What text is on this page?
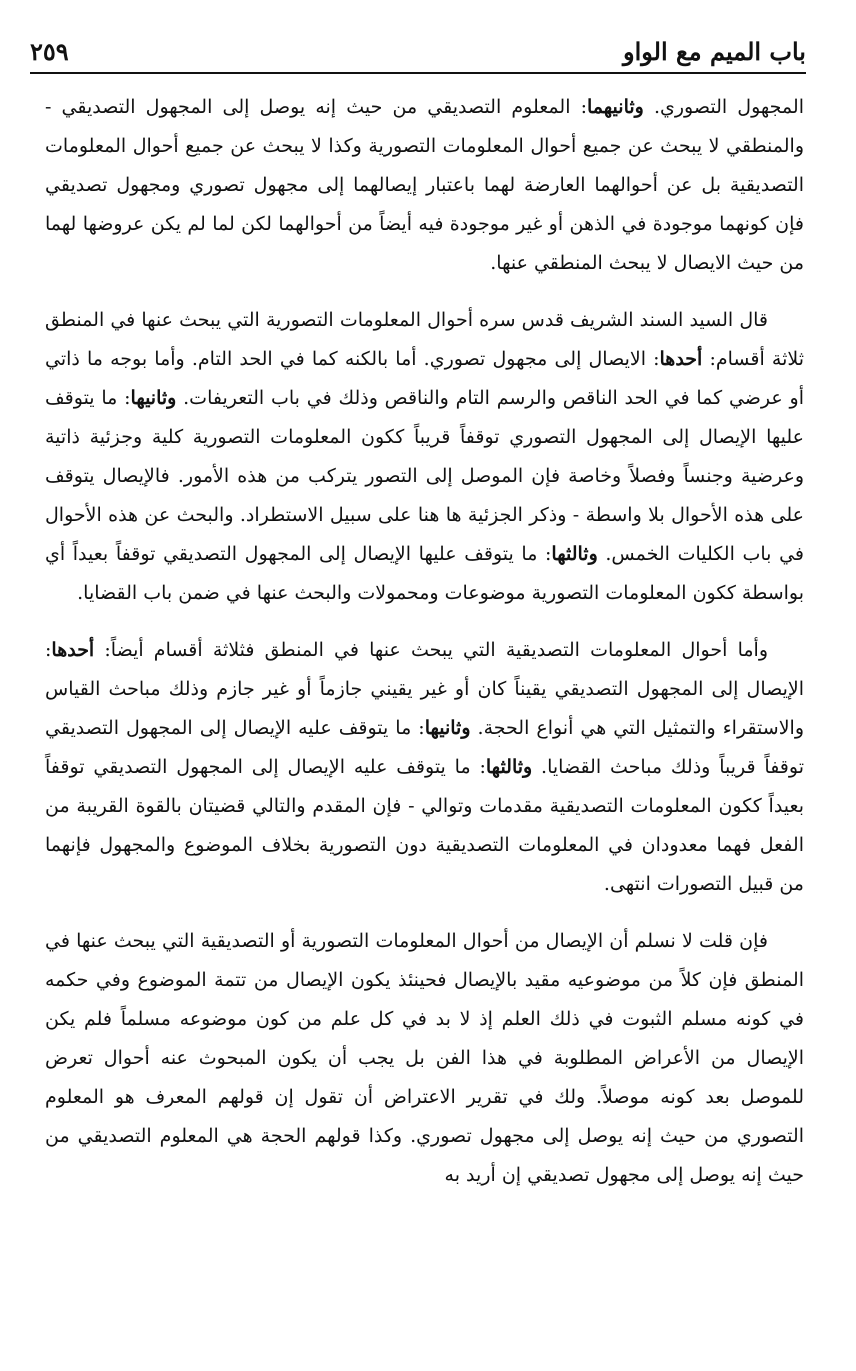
باب الميم مع الواو
٢٥٩

المجهول التصوري. وثانيهما: المعلوم التصديقي من حيث إنه يوصل إلى المجهول التصديقي - والمنطقي لا يبحث عن جميع أحوال المعلومات التصورية وكذا لا يبحث عن جميع أحوال المعلومات التصديقية بل عن أحوالهما العارضة لهما باعتبار إيصالهما إلى مجهول تصوري ومجهول تصديقي فإن كونهما موجودة في الذهن أو غير موجودة فيه أيضاً من أحوالهما لكن لما لم يكن عروضها لهما من حيث الايصال لا يبحث المنطقي عنها.

قال السيد السند الشريف قدس سره أحوال المعلومات التصورية التي يبحث عنها في المنطق ثلاثة أقسام: أحدها: الايصال إلى مجهول تصوري. أما بالكنه كما في الحد التام. وأما بوجه ما ذاتي أو عرضي كما في الحد الناقص والرسم التام والناقص وذلك في باب التعريفات. وثانيها: ما يتوقف عليها الإيصال إلى المجهول التصوري توقفاً قريباً ككون المعلومات التصورية كلية وجزئية ذاتية وعرضية وجنساً وفصلاً وخاصة فإن الموصل إلى التصور يتركب من هذه الأمور. فالإيصال يتوقف على هذه الأحوال بلا واسطة - وذكر الجزئية ها هنا على سبيل الاستطراد. والبحث عن هذه الأحوال في باب الكليات الخمس. وثالثها: ما يتوقف عليها الإيصال إلى المجهول التصديقي توقفاً بعيداً أي بواسطة ككون المعلومات التصورية موضوعات ومحمولات والبحث عنها في ضمن باب القضايا.

وأما أحوال المعلومات التصديقية التي يبحث عنها في المنطق فثلاثة أقسام أيضاً: أحدها: الإيصال إلى المجهول التصديقي يقيناً كان أو غير يقيني جازماً أو غير جازم وذلك مباحث القياس والاستقراء والتمثيل التي هي أنواع الحجة. وثانيها: ما يتوقف عليه الإيصال إلى المجهول التصديقي توقفاً قريباً وذلك مباحث القضايا. وثالثها: ما يتوقف عليه الإيصال إلى المجهول التصديقي توقفاً بعيداً ككون المعلومات التصديقية مقدمات وتوالي - فإن المقدم والتالي قضيتان بالقوة القريبة من الفعل فهما معدودان في المعلومات التصديقية دون التصورية بخلاف الموضوع والمجهول فإنهما من قبيل التصورات انتهى.

فإن قلت لا نسلم أن الإيصال من أحوال المعلومات التصورية أو التصديقية التي يبحث عنها في المنطق فإن كلاً من موضوعيه مقيد بالإيصال فحينئذ يكون الإيصال من تتمة الموضوع وفي حكمه في كونه مسلم الثبوت في ذلك العلم إذ لا بد في كل علم من كون موضوعه مسلماً فلم يكن الإيصال من الأعراض المطلوبة في هذا الفن بل يجب أن يكون المبحوث عنه أحوال تعرض للموصل بعد كونه موصلاً. ولك في تقرير الاعتراض أن تقول إن قولهم المعرف هو المعلوم التصوري من حيث إنه يوصل إلى مجهول تصوري. وكذا قولهم الحجة هي المعلوم التصديقي من حيث إنه يوصل إلى مجهول تصديقي إن أريد به
